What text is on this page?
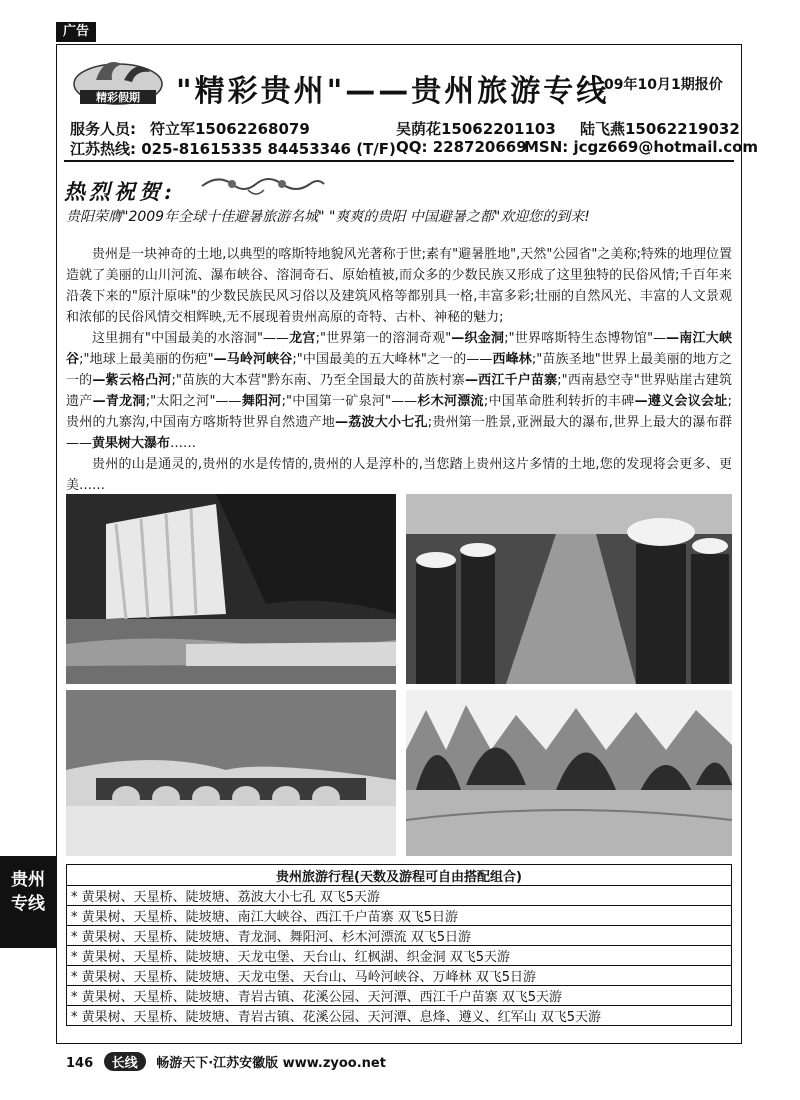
广告
精彩假期 "精彩贵州"——贵州旅游专线
09年10月1期报价
服务人员: 符立军15062268079	吴荫花15062201103 陆飞燕15062219032
江苏热线: 025-81615335 84453346 (T/F) QQ: 228720669
MSN: jcgz669@hotmail.com
热烈祝贺:
贵阳荣膺"2009年全球十佳避暑旅游名城" "爽爽的贵阳 中国避暑之都"欢迎您的到来!

贵州是一块神奇的土地,以典型的喀斯特地貌风光著称于世;素有"避暑胜地",天然"公园省"之美称;特殊的地理位置造就了美丽的山川河流、瀑布峡谷、溶洞奇石、原始植被,而众多的少数民族又形成了这里独特的民俗风情;千百年来沿袭下来的"原汁原味"的少数民族民风习俗以及建筑风格等都别具一格,丰富多彩;壮丽的自然风光、丰富的人文景观和浓郁的民俗风情交相辉映,无不展现着贵州高原的奇特、古朴、神秘的魅力;

这里拥有"中国最美的水溶洞"——龙宫;"世界第一的溶洞奇观"—织金洞;"世界喀斯特生态博物馆"——南江大峡谷;"地球上最美丽的伤疤"—马岭河峡谷;"中国最美的五大峰林"之一的——西峰林;"苗族圣地"世界上最美丽的地方之一的—紫云格凸河;"苗族的大本营"黔东南、乃至全国最大的苗族村寨—西江千户苗寨;"西南悬空寺"世界贴崖古建筑遗产—青龙洞;"太阳之河"——舞阳河;"中国第一矿泉河"——杉木河漂流;中国革命胜利转折的丰碑—遵义会议会址; 贵州的九寨沟,中国南方喀斯特世界自然遗产地—荔波大小七孔;贵州第一胜景,亚洲最大的瀑布,世界上最大的瀑布群——黄果树大瀑布……

贵州的山是通灵的,贵州的水是传情的,贵州的人是淳朴的,当您踏上贵州这片多情的土地,您的发现将会更多、更美……

贵州
专线
贵州旅游行程(天数及游程可自由搭配组合)
* 黄果树、天星桥、陡坡塘、荔波大小七孔 双飞5天游
* 黄果树、天星桥、陡坡塘、南江大峡谷、西江千户苗寨 双飞5日游
* 黄果树、天星桥、陡坡塘、青龙洞、舞阳河、杉木河漂流 双飞5日游
* 黄果树、天星桥、陡坡塘、天龙屯堡、天台山、红枫湖、织金洞 双飞5天游
* 黄果树、天星桥、陡坡塘、天龙屯堡、天台山、马岭河峡谷、万峰林 双飞5日游
* 黄果树、天星桥、陡坡塘、青岩古镇、花溪公园、天河潭、西江千户苗寨 双飞5天游
* 黄果树、天星桥、陡坡塘、青岩古镇、花溪公园、天河潭、息烽、遵义、红军山 双飞5天游
146 长线 畅游天下·江苏安徽版 www.zyoo.net
